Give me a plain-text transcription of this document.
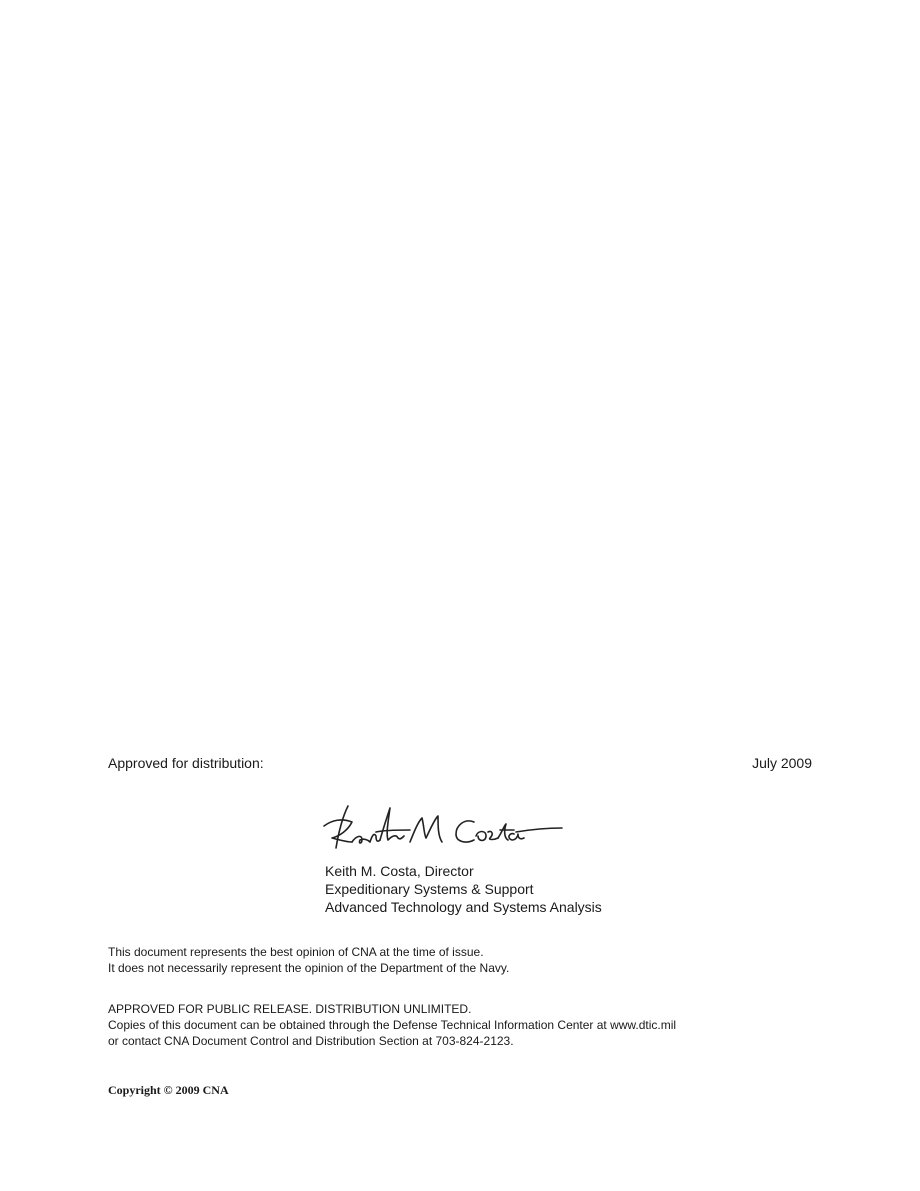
Approved for distribution:	July 2009
Keith M. Costa, Director
Expeditionary Systems & Support
Advanced Technology and Systems Analysis
This document represents the best opinion of CNA at the time of issue.
It does not necessarily represent the opinion of the Department of the Navy.
APPROVED FOR PUBLIC RELEASE. DISTRIBUTION UNLIMITED.
Copies of this document can be obtained through the Defense Technical Information Center at www.dtic.mil
or contact CNA Document Control and Distribution Section at 703-824-2123.
Copyright © 2009 CNA
